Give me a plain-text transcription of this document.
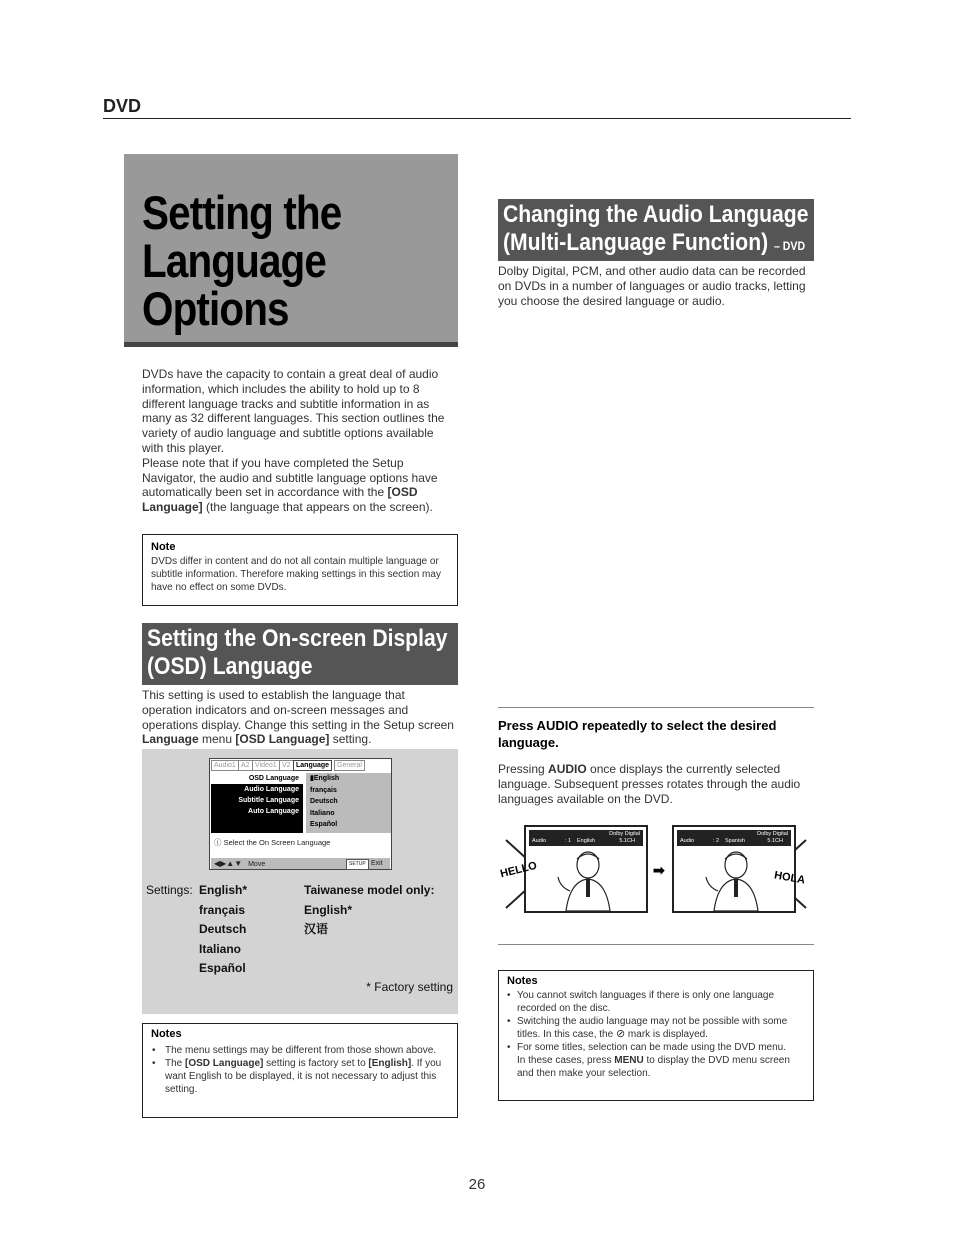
DVD
Setting the Language Options
DVDs have the capacity to contain a great deal of audio information, which includes the ability to hold up to 8 different language tracks and subtitle information in as many as 32 different languages. This section outlines the variety of audio language and subtitle options available with this player.
Please note that if you have completed the Setup Navigator, the audio and subtitle language options have automatically been set in accordance with the [OSD Language] (the language that appears on the screen).
Note
DVDs differ in content and do not all contain multiple language or subtitle information. Therefore making settings in this section may have no effect on some DVDs.
Setting the On-screen Display (OSD) Language
This setting is used to establish the language that operation indicators and on-screen messages and operations display. Change this setting in the Setup screen Language menu [OSD Language] setting.
Audio1 A2 Video1 V2 Language	General
OSD Language
Audio Language
Subtitle Language
Auto Language
▮English
français
Deutsch
Italiano
Español
ⓘ Select the On Screen Language
◀▶▲▼ Move	SETUP Exit
Settings: English*
français
Deutsch
Italiano
Español
Taiwanese model only:
English*
汉语
* Factory setting
Notes
• The menu settings may be different from those shown above.
• The [OSD Language] setting is factory set to [English]. If you want English to be displayed, it is not necessary to adjust this setting.
Changing the Audio Language
(Multi-Language Function) – DVD
Dolby Digital, PCM, and other audio data can be recorded on DVDs in a number of languages or audio tracks, letting you choose the desired language or audio.
Press AUDIO repeatedly to select the desired language.
Pressing AUDIO once displays the currently selected language. Subsequent presses rotates through the audio languages available on the DVD.
Audio	: 1 English
Dolby Digital
5.1CH
HELLO	➡
Audio	: 2 Spanish
Dolby Digital
5.1CH
HOLA
Notes
• You cannot switch languages if there is only one language recorded on the disc.
• Switching the audio language may not be possible with some titles. In this case, the ⊘ mark is displayed.
• For some titles, selection can be made using the DVD menu.
In these cases, press MENU to display the DVD menu screen and then make your selection.
26
